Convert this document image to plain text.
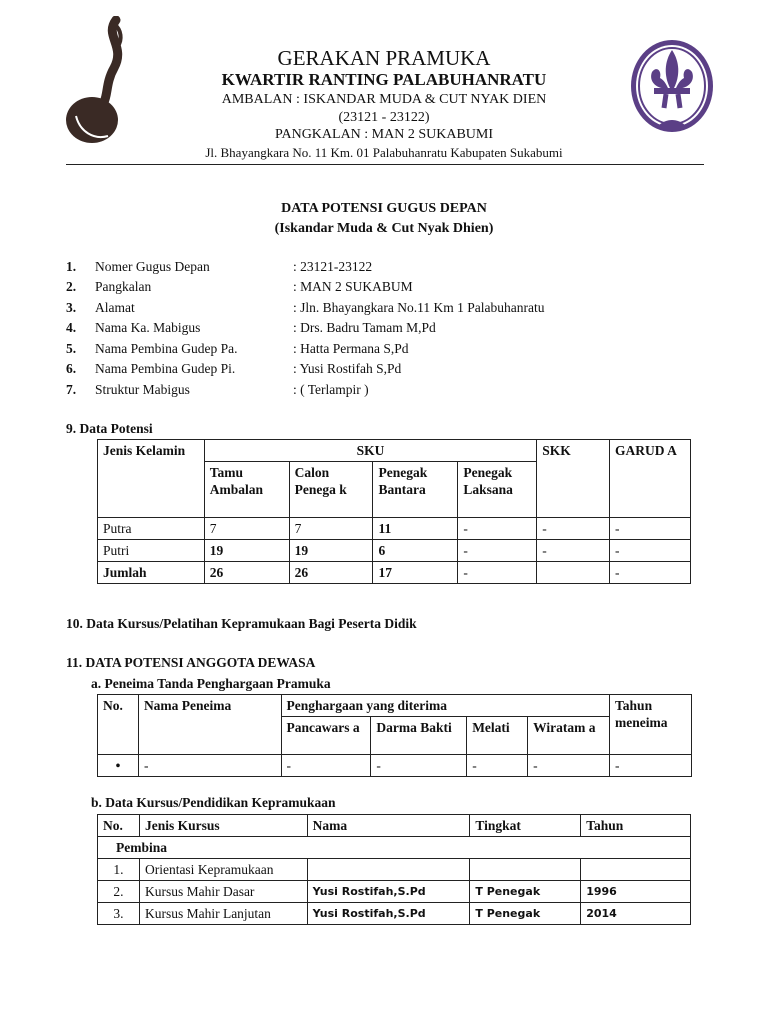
GERAKAN PRAMUKA
KWARTIR RANTING PALABUHANRATU
AMBALAN : ISKANDAR MUDA & CUT NYAK DIEN
(23121 - 23122)
PANGKALAN : MAN 2 SUKABUMI
Jl. Bhayangkara No. 11 Km. 01 Palabuhanratu Kabupaten Sukabumi
DATA POTENSI GUGUS DEPAN
(Iskandar Muda & Cut Nyak Dhien)
1.	Nomer Gugus Depan	: 23121-23122
2.	Pangkalan	: MAN 2 SUKABUM
3.	Alamat	: Jln. Bhayangkara No.11 Km 1 Palabuhanratu
4.	Nama Ka. Mabigus	: Drs. Badru Tamam M,Pd
5.	Nama Pembina Gudep Pa.	: Hatta Permana S,Pd
6.	Nama Pembina Gudep Pi.	: Yusi Rostifah S,Pd
7.	Struktur Mabigus	: ( Terlampir )
9. Data Potensi
Jenis Kelamin	SKU				SKK	GARUD A
	Tamu Ambalan	Calon Penega k	Penegak Bantara	Penegak Laksana		
Putra	7	7	11	-	-	-
Putri	19	19	6	-	-	-
Jumlah	26	26	17	-		-
10. Data Kursus/Pelatihan Kepramukaan Bagi Peserta Didik
11. DATA POTENSI ANGGOTA DEWASA
a. Peneima Tanda Penghargaan Pramuka
No.	Nama Peneima	Penghargaan yang diterima				Tahun meneima
		Pancawars a	Darma Bakti	Melati	Wiratam a	
•	-	-	-	-	-	-
b. Data Kursus/Pendidikan Kepramukaan
No.	Jenis Kursus	Nama	Tingkat	Tahun
Pembina				
1.	Orientasi Kepramukaan			
2.	Kursus Mahir Dasar	Yusi Rostifah,S.Pd	T Penegak	1996
3.	Kursus Mahir Lanjutan	Yusi Rostifah,S.Pd	T Penegak	2014
